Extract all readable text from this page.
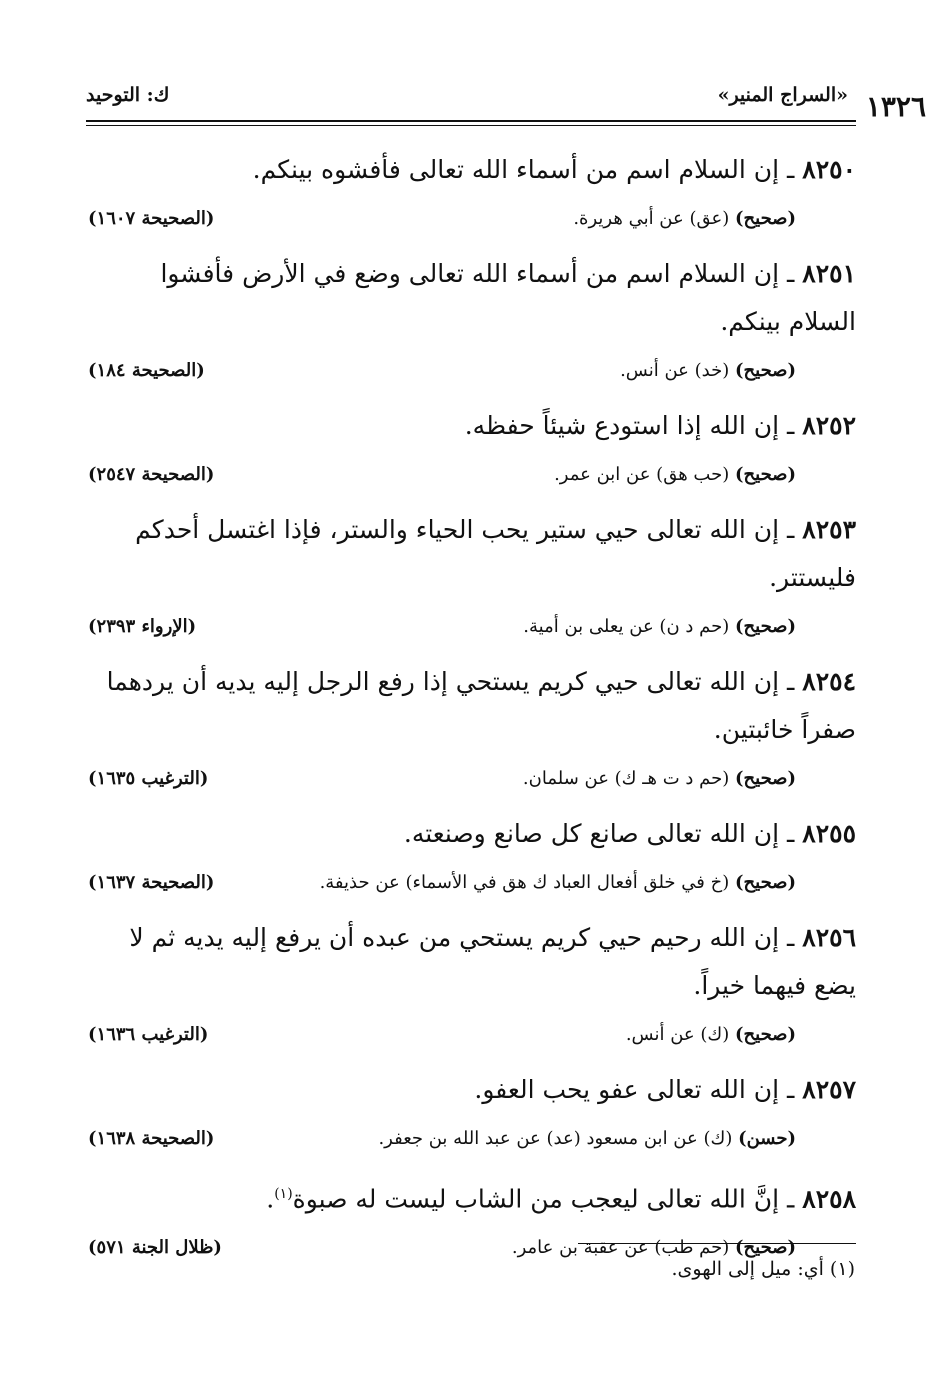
ك: التوحيد	«السراج المنير» ١٣٢٦

٨٢٥٠ ـ إن السلام اسم من أسماء الله تعالى فأفشوه بينكم.

(صحيح) (عق) عن أبي هريرة.
(الصحيحة ١٦٠٧)

٨٢٥١ ـ إن السلام اسم من أسماء الله تعالى وضع في الأرض فأفشوا السلام بينكم.

(صحيح) (خد) عن أنس.
(الصحيحة ١٨٤)

٨٢٥٢ ـ إن الله إذا استودع شيئاً حفظه.

(صحيح) (حب هق) عن ابن عمر.
(الصحيحة ٢٥٤٧)

٨٢٥٣ ـ إن الله تعالى حيي ستير يحب الحياء والستر، فإذا اغتسل أحدكم فليستتر.

(صحيح) (حم د ن) عن يعلى بن أمية.
(الإرواء ٢٣٩٣)

٨٢٥٤ ـ إن الله تعالى حيي كريم يستحي إذا رفع الرجل إليه يديه أن يردهما صفراً خائبتين.

(صحيح) (حم د ت هـ ك) عن سلمان.
(الترغيب ١٦٣٥)

٨٢٥٥ ـ إن الله تعالى صانع كل صانع وصنعته.

(صحيح) (خ في خلق أفعال العباد ك هق في الأسماء) عن حذيفة.
(الصحيحة ١٦٣٧)

٨٢٥٦ ـ إن الله رحيم حيي كريم يستحي من عبده أن يرفع إليه يديه ثم لا يضع فيهما خيراً.

(صحيح) (ك) عن أنس.
(الترغيب ١٦٣٦)

٨٢٥٧ ـ إن الله تعالى عفو يحب العفو.

(حسن) (ك) عن ابن مسعود (عد) عن عبد الله بن جعفر.
(الصحيحة ١٦٣٨)

٨٢٥٨ ـ إنَّ الله تعالى ليعجب من الشاب ليست له صبوة$^{(١)}$.

(صحيح) (حم طب) عن عقبة بن عامر.
(ظلال الجنة ٥٧١)
(١) أي: ميل إلى الهوى.
